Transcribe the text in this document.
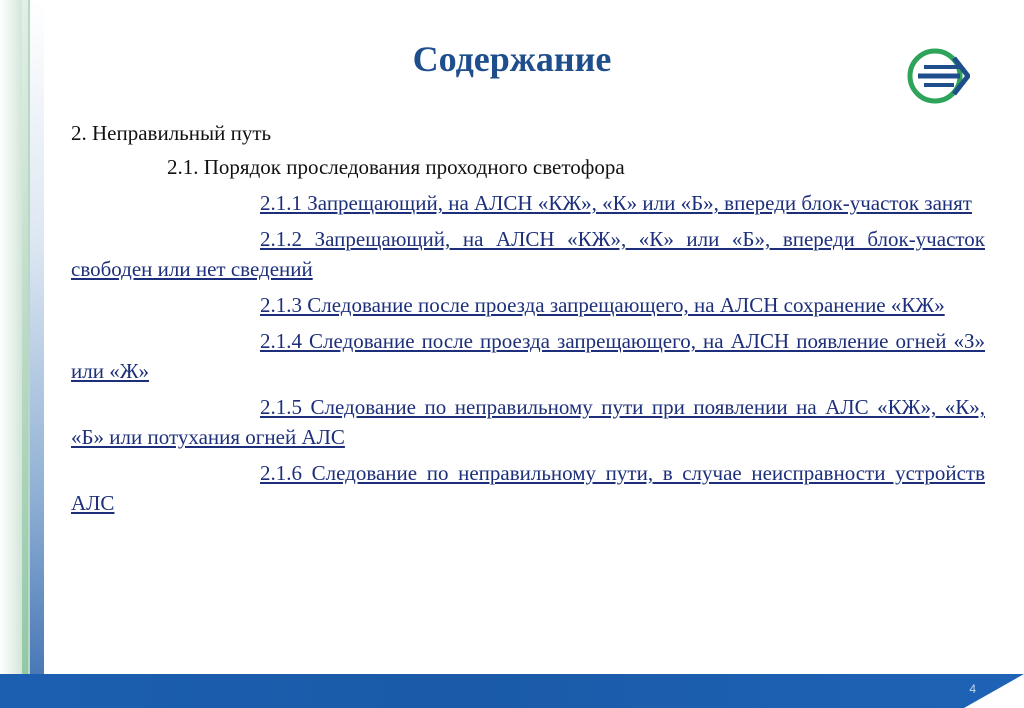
Содержание

2. Неправильный путь

2.1. Порядок проследования проходного светофора

2.1.1 Запрещающий, на АЛСН «КЖ», «К» или «Б», впереди блок-участок занят

2.1.2 Запрещающий, на АЛСН «КЖ», «К» или «Б», впереди блок-участок свободен или нет сведений

2.1.3 Следование после проезда запрещающего, на АЛСН сохранение «КЖ»

2.1.4 Следование после проезда запрещающего, на АЛСН появление огней «З» или «Ж»

2.1.5 Следование по неправильному пути при появлении на АЛС «КЖ», «К», «Б» или потухания огней АЛС

2.1.6 Следование по неправильному пути, в случае неисправности устройств АЛС

4
